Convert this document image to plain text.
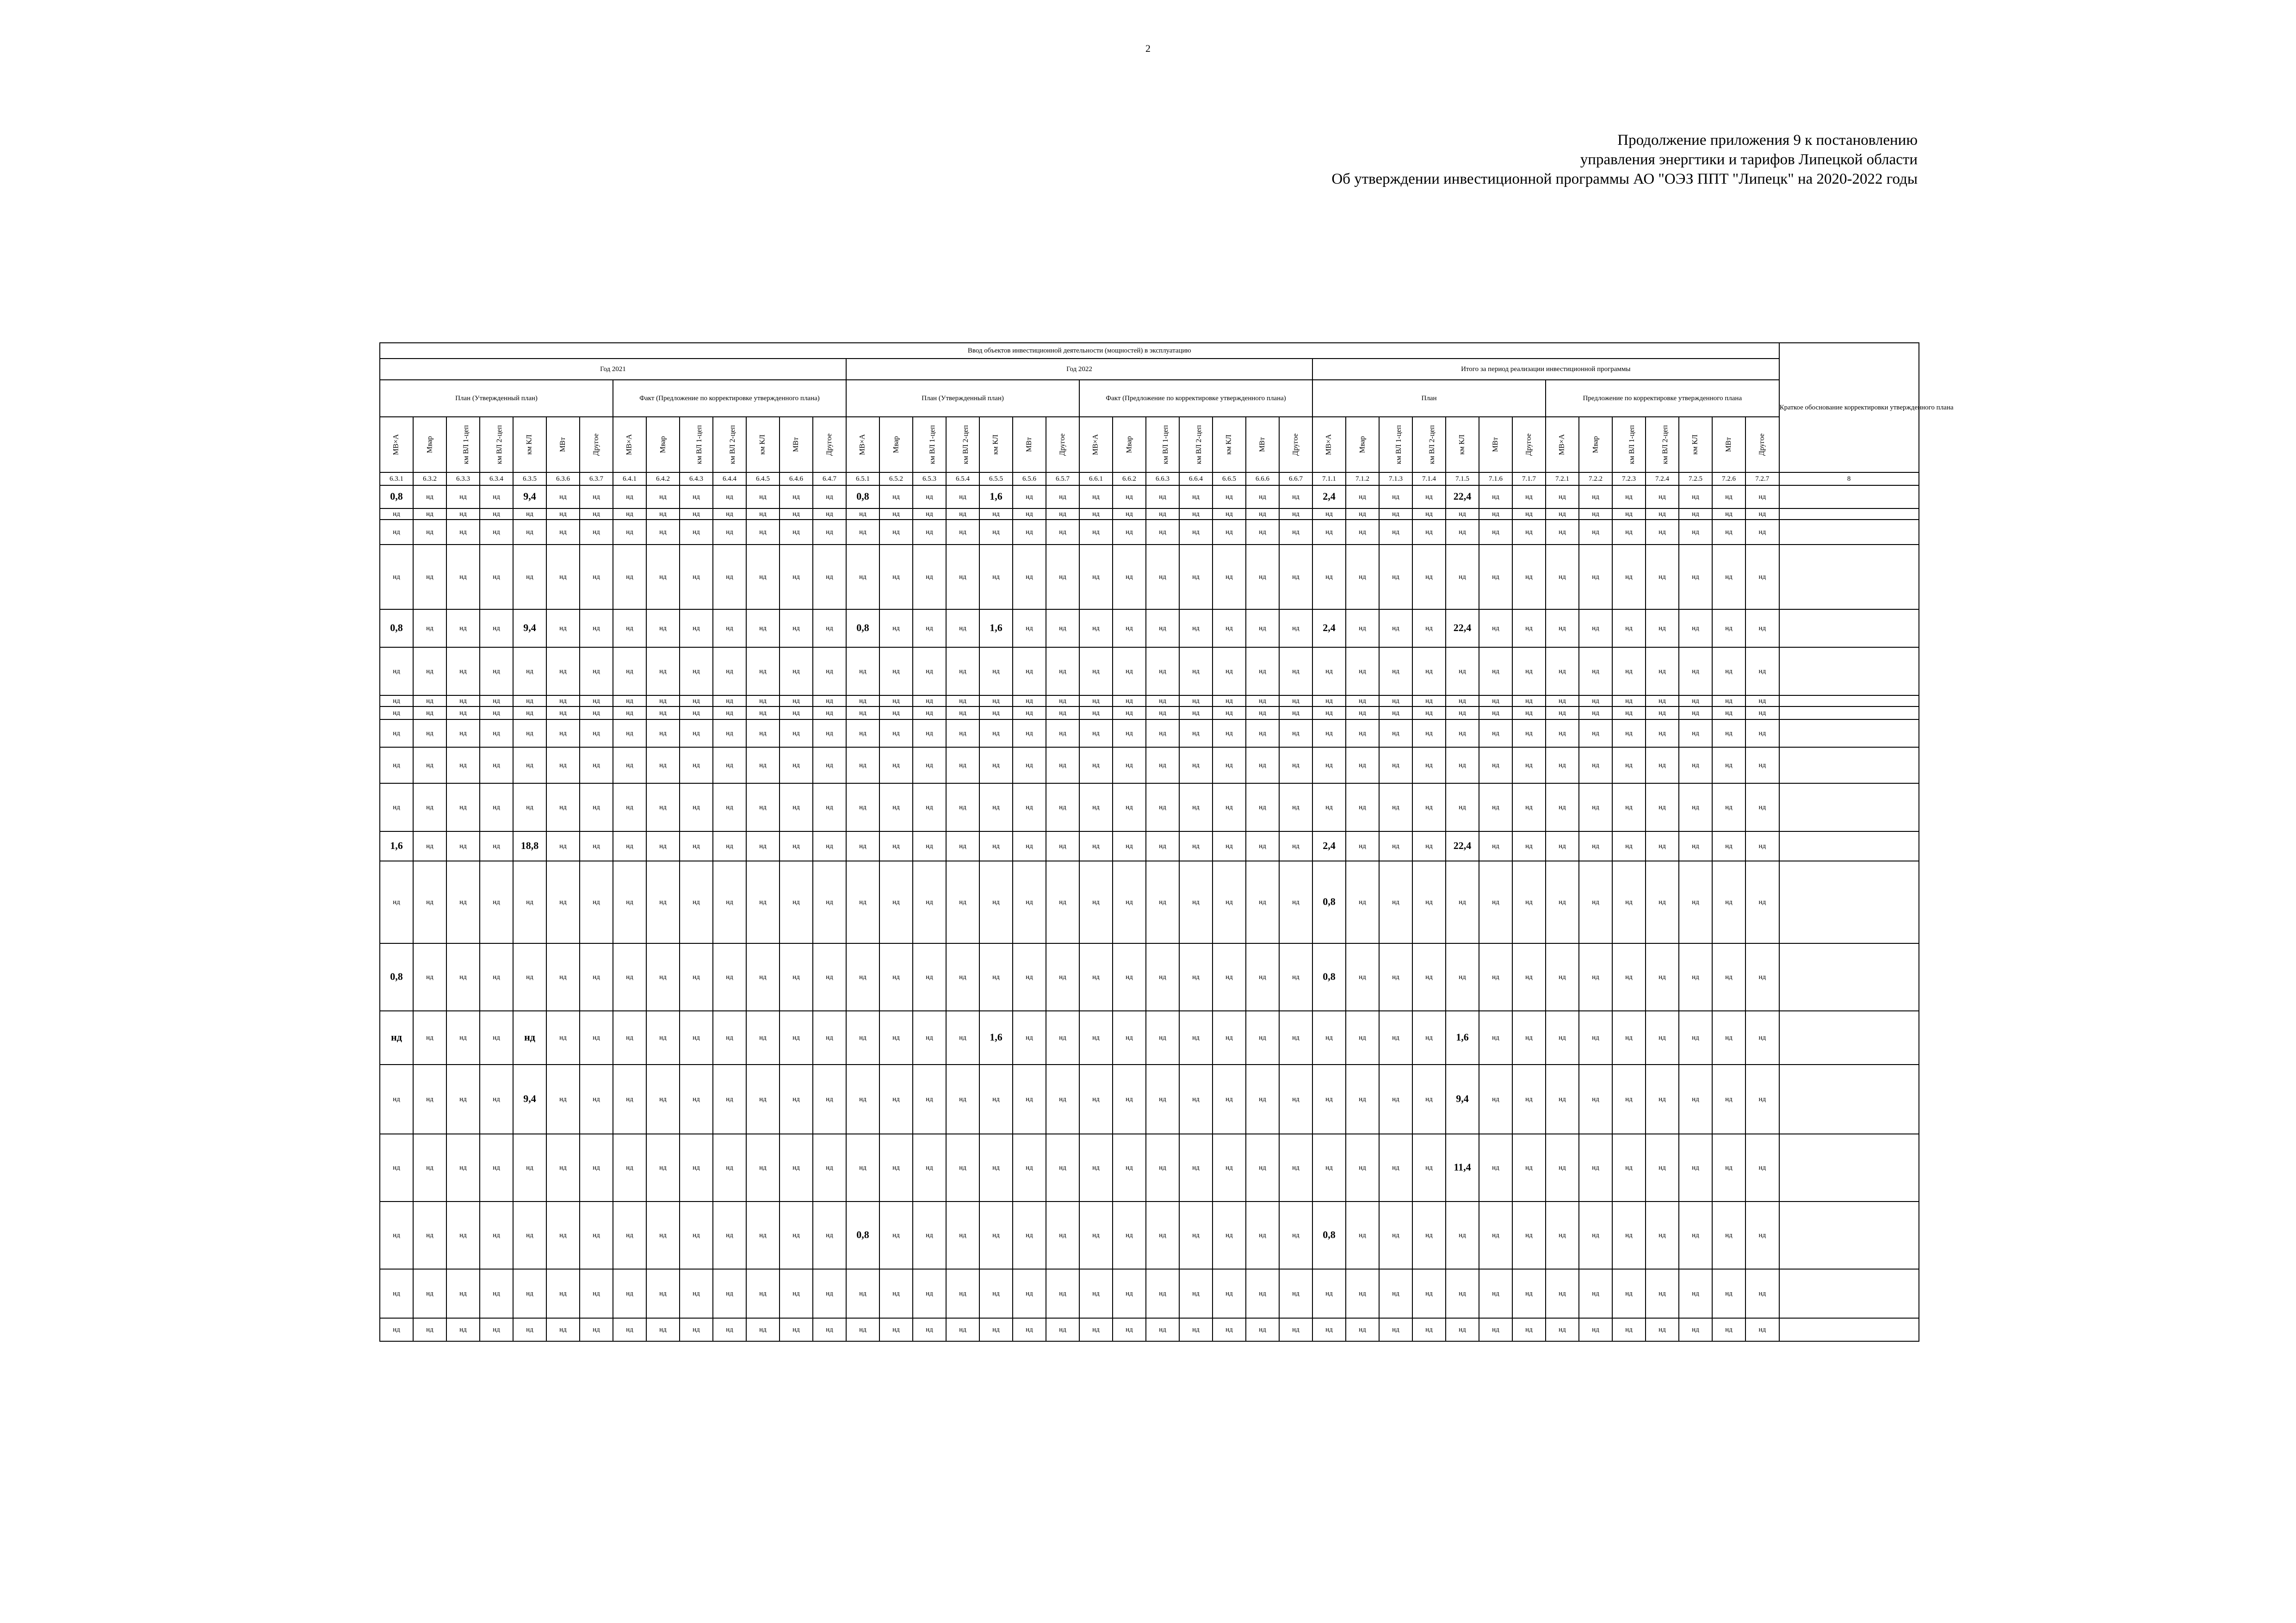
2
Продолжение приложения 9 к постановлению
управления энергтики и тарифов Липецкой области
Об утверждении инвестиционной программы АО "ОЭЗ ППТ "Липецк" на 2020-2022 годы
Ввод объектов инвестиционной деятельности (мощностей) в эксплуатацию																																										Краткое обоснование корректировки утвержденного плана
Год 2021														Год 2022														Итого за период реализации инвестиционной программы														
План (Утвержденный план)							Факт (Предложение по корректировке утвержденного плана)							План (Утвержденный план)							Факт (Предложение по корректировке утвержденного плана)							План							Предложение по корректировке утвержденного плана							
МВ×А	Мвар	км ВЛ 1-цеп	км ВЛ 2-цеп	км КЛ	МВт	Другое	МВ×А	Мвар	км ВЛ 1-цеп	км ВЛ 2-цеп	км КЛ	МВт	Другое	МВ×А	Мвар	км ВЛ 1-цеп	км ВЛ 2-цеп	км КЛ	МВт	Другое	МВ×А	Мвар	км ВЛ 1-цеп	км ВЛ 2-цеп	км КЛ	МВт	Другое	МВ×А	Мвар	км ВЛ 1-цеп	км ВЛ 2-цеп	км КЛ	МВт	Другое	МВ×А	Мвар	км ВЛ 1-цеп	км ВЛ 2-цеп	км КЛ	МВт	Другое	
6.3.1	6.3.2	6.3.3	6.3.4	6.3.5	6.3.6	6.3.7	6.4.1	6.4.2	6.4.3	6.4.4	6.4.5	6.4.6	6.4.7	6.5.1	6.5.2	6.5.3	6.5.4	6.5.5	6.5.6	6.5.7	6.6.1	6.6.2	6.6.3	6.6.4	6.6.5	6.6.6	6.6.7	7.1.1	7.1.2	7.1.3	7.1.4	7.1.5	7.1.6	7.1.7	7.2.1	7.2.2	7.2.3	7.2.4	7.2.5	7.2.6	7.2.7	8
0,8	нд	нд	нд	9,4	нд	нд	нд	нд	нд	нд	нд	нд	нд	0,8	нд	нд	нд	1,6	нд	нд	нд	нд	нд	нд	нд	нд	нд	2,4	нд	нд	нд	22,4	нд	нд	нд	нд	нд	нд	нд	нд	нд	
нд	нд	нд	нд	нд	нд	нд	нд	нд	нд	нд	нд	нд	нд	нд	нд	нд	нд	нд	нд	нд	нд	нд	нд	нд	нд	нд	нд	нд	нд	нд	нд	нд	нд	нд	нд	нд	нд	нд	нд	нд	нд	
нд	нд	нд	нд	нд	нд	нд	нд	нд	нд	нд	нд	нд	нд	нд	нд	нд	нд	нд	нд	нд	нд	нд	нд	нд	нд	нд	нд	нд	нд	нд	нд	нд	нд	нд	нд	нд	нд	нд	нд	нд	нд	
нд	нд	нд	нд	нд	нд	нд	нд	нд	нд	нд	нд	нд	нд	нд	нд	нд	нд	нд	нд	нд	нд	нд	нд	нд	нд	нд	нд	нд	нд	нд	нд	нд	нд	нд	нд	нд	нд	нд	нд	нд	нд	
0,8	нд	нд	нд	9,4	нд	нд	нд	нд	нд	нд	нд	нд	нд	0,8	нд	нд	нд	1,6	нд	нд	нд	нд	нд	нд	нд	нд	нд	2,4	нд	нд	нд	22,4	нд	нд	нд	нд	нд	нд	нд	нд	нд	
нд	нд	нд	нд	нд	нд	нд	нд	нд	нд	нд	нд	нд	нд	нд	нд	нд	нд	нд	нд	нд	нд	нд	нд	нд	нд	нд	нд	нд	нд	нд	нд	нд	нд	нд	нд	нд	нд	нд	нд	нд	нд	
нд	нд	нд	нд	нд	нд	нд	нд	нд	нд	нд	нд	нд	нд	нд	нд	нд	нд	нд	нд	нд	нд	нд	нд	нд	нд	нд	нд	нд	нд	нд	нд	нд	нд	нд	нд	нд	нд	нд	нд	нд	нд	
нд	нд	нд	нд	нд	нд	нд	нд	нд	нд	нд	нд	нд	нд	нд	нд	нд	нд	нд	нд	нд	нд	нд	нд	нд	нд	нд	нд	нд	нд	нд	нд	нд	нд	нд	нд	нд	нд	нд	нд	нд	нд	
нд	нд	нд	нд	нд	нд	нд	нд	нд	нд	нд	нд	нд	нд	нд	нд	нд	нд	нд	нд	нд	нд	нд	нд	нд	нд	нд	нд	нд	нд	нд	нд	нд	нд	нд	нд	нд	нд	нд	нд	нд	нд	
нд	нд	нд	нд	нд	нд	нд	нд	нд	нд	нд	нд	нд	нд	нд	нд	нд	нд	нд	нд	нд	нд	нд	нд	нд	нд	нд	нд	нд	нд	нд	нд	нд	нд	нд	нд	нд	нд	нд	нд	нд	нд	
нд	нд	нд	нд	нд	нд	нд	нд	нд	нд	нд	нд	нд	нд	нд	нд	нд	нд	нд	нд	нд	нд	нд	нд	нд	нд	нд	нд	нд	нд	нд	нд	нд	нд	нд	нд	нд	нд	нд	нд	нд	нд	
1,6	нд	нд	нд	18,8	нд	нд	нд	нд	нд	нд	нд	нд	нд	нд	нд	нд	нд	нд	нд	нд	нд	нд	нд	нд	нд	нд	нд	2,4	нд	нд	нд	22,4	нд	нд	нд	нд	нд	нд	нд	нд	нд	
нд	нд	нд	нд	нд	нд	нд	нд	нд	нд	нд	нд	нд	нд	нд	нд	нд	нд	нд	нд	нд	нд	нд	нд	нд	нд	нд	нд	0,8	нд	нд	нд	нд	нд	нд	нд	нд	нд	нд	нд	нд	нд	
0,8	нд	нд	нд	нд	нд	нд	нд	нд	нд	нд	нд	нд	нд	нд	нд	нд	нд	нд	нд	нд	нд	нд	нд	нд	нд	нд	нд	0,8	нд	нд	нд	нд	нд	нд	нд	нд	нд	нд	нд	нд	нд	
нд	нд	нд	нд	нд	нд	нд	нд	нд	нд	нд	нд	нд	нд	нд	нд	нд	нд	1,6	нд	нд	нд	нд	нд	нд	нд	нд	нд	нд	нд	нд	нд	1,6	нд	нд	нд	нд	нд	нд	нд	нд	нд	
нд	нд	нд	нд	9,4	нд	нд	нд	нд	нд	нд	нд	нд	нд	нд	нд	нд	нд	нд	нд	нд	нд	нд	нд	нд	нд	нд	нд	нд	нд	нд	нд	9,4	нд	нд	нд	нд	нд	нд	нд	нд	нд	
нд	нд	нд	нд	нд	нд	нд	нд	нд	нд	нд	нд	нд	нд	нд	нд	нд	нд	нд	нд	нд	нд	нд	нд	нд	нд	нд	нд	нд	нд	нд	нд	11,4	нд	нд	нд	нд	нд	нд	нд	нд	нд	
нд	нд	нд	нд	нд	нд	нд	нд	нд	нд	нд	нд	нд	нд	0,8	нд	нд	нд	нд	нд	нд	нд	нд	нд	нд	нд	нд	нд	0,8	нд	нд	нд	нд	нд	нд	нд	нд	нд	нд	нд	нд	нд	
нд	нд	нд	нд	нд	нд	нд	нд	нд	нд	нд	нд	нд	нд	нд	нд	нд	нд	нд	нд	нд	нд	нд	нд	нд	нд	нд	нд	нд	нд	нд	нд	нд	нд	нд	нд	нд	нд	нд	нд	нд	нд	
нд	нд	нд	нд	нд	нд	нд	нд	нд	нд	нд	нд	нд	нд	нд	нд	нд	нд	нд	нд	нд	нд	нд	нд	нд	нд	нд	нд	нд	нд	нд	нд	нд	нд	нд	нд	нд	нд	нд	нд	нд	нд	
